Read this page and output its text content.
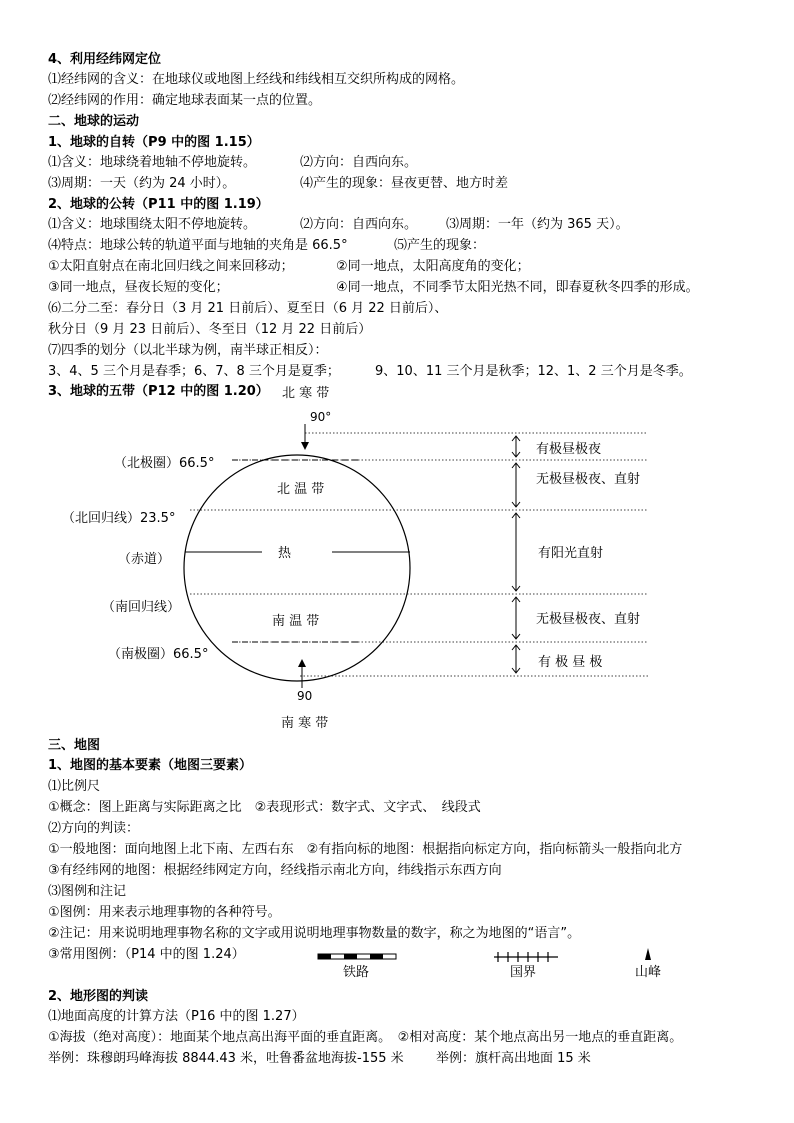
4、利用经纬网定位
⑴经纬网的含义：在地球仪或地图上经线和纬线相互交织所构成的网格。
⑵经纬网的作用：确定地球表面某一点的位置。
二、地球的运动
1、地球的自转（P9 中的图 1.15）
⑴含义：地球绕着地轴不停地旋转。	⑵方向：自西向东。
⑶周期：一天（约为 24 小时）。	⑷产生的现象：昼夜更替、地方时差
2、地球的公转（P11 中的图 1.19）
⑴含义：地球围绕太阳不停地旋转。	⑵方向：自西向东。 ⑶周期：一年（约为 365 天）。
⑷特点：地球公转的轨道平面与地轴的夹角是 66.5°	⑸产生的现象：
①太阳直射点在南北回归线之间来回移动；	②同一地点，太阳高度角的变化；
③同一地点，昼夜长短的变化；	④同一地点，不同季节太阳光热不同，即春夏秋冬四季的形成。
⑹二分二至：春分日（3 月 21 日前后）、夏至日（6 月 22 日前后）、
秋分日（9 月 23 日前后）、冬至日（12 月 22 日前后）
⑺四季的划分（以北半球为例，南半球正相反）：
3、4、5 三个月是春季；6、7、8 三个月是夏季；	9、10、11 三个月是秋季；12、1、2 三个月是冬季。
3、地球的五带（P12 中的图 1.20） 北 寒 带
90°
（北极圈）66.5°
（北回归线）23.5°
（赤道）
（南回归线）
（南极圈）66.5°
北 温 带
热
南 温 带
90
南 寒 带
有极昼极夜
无极昼极夜、直射
有阳光直射
无极昼极夜、直射
有 极 昼 极
三、地图
1、地图的基本要素（地图三要素）
⑴比例尺
①概念：图上距离与实际距离之比　②表现形式：数字式、文字式、　线段式
⑵方向的判读：
①一般地图：面向地图上北下南、左西右东　②有指向标的地图：根据指向标定方向，指向标箭头一般指向北方
③有经纬网的地图：根据经纬网定方向，经线指示南北方向，纬线指示东西方向
⑶图例和注记
①图例：用来表示地理事物的各种符号。
②注记：用来说明地理事物名称的文字或用说明地理事物数量的数字，称之为地图的“语言”。
③常用图例：（P14 中的图 1.24）
铁路	国界	山峰
2、地形图的判读
⑴地面高度的计算方法（P16 中的图 1.27）
①海拔（绝对高度）：地面某个地点高出海平面的垂直距离。　②相对高度：某个地点高出另一地点的垂直距离。
举例：珠穆朗玛峰海拔 8844.43 米，吐鲁番盆地海拔-155 米 举例：旗杆高出地面 15 米
